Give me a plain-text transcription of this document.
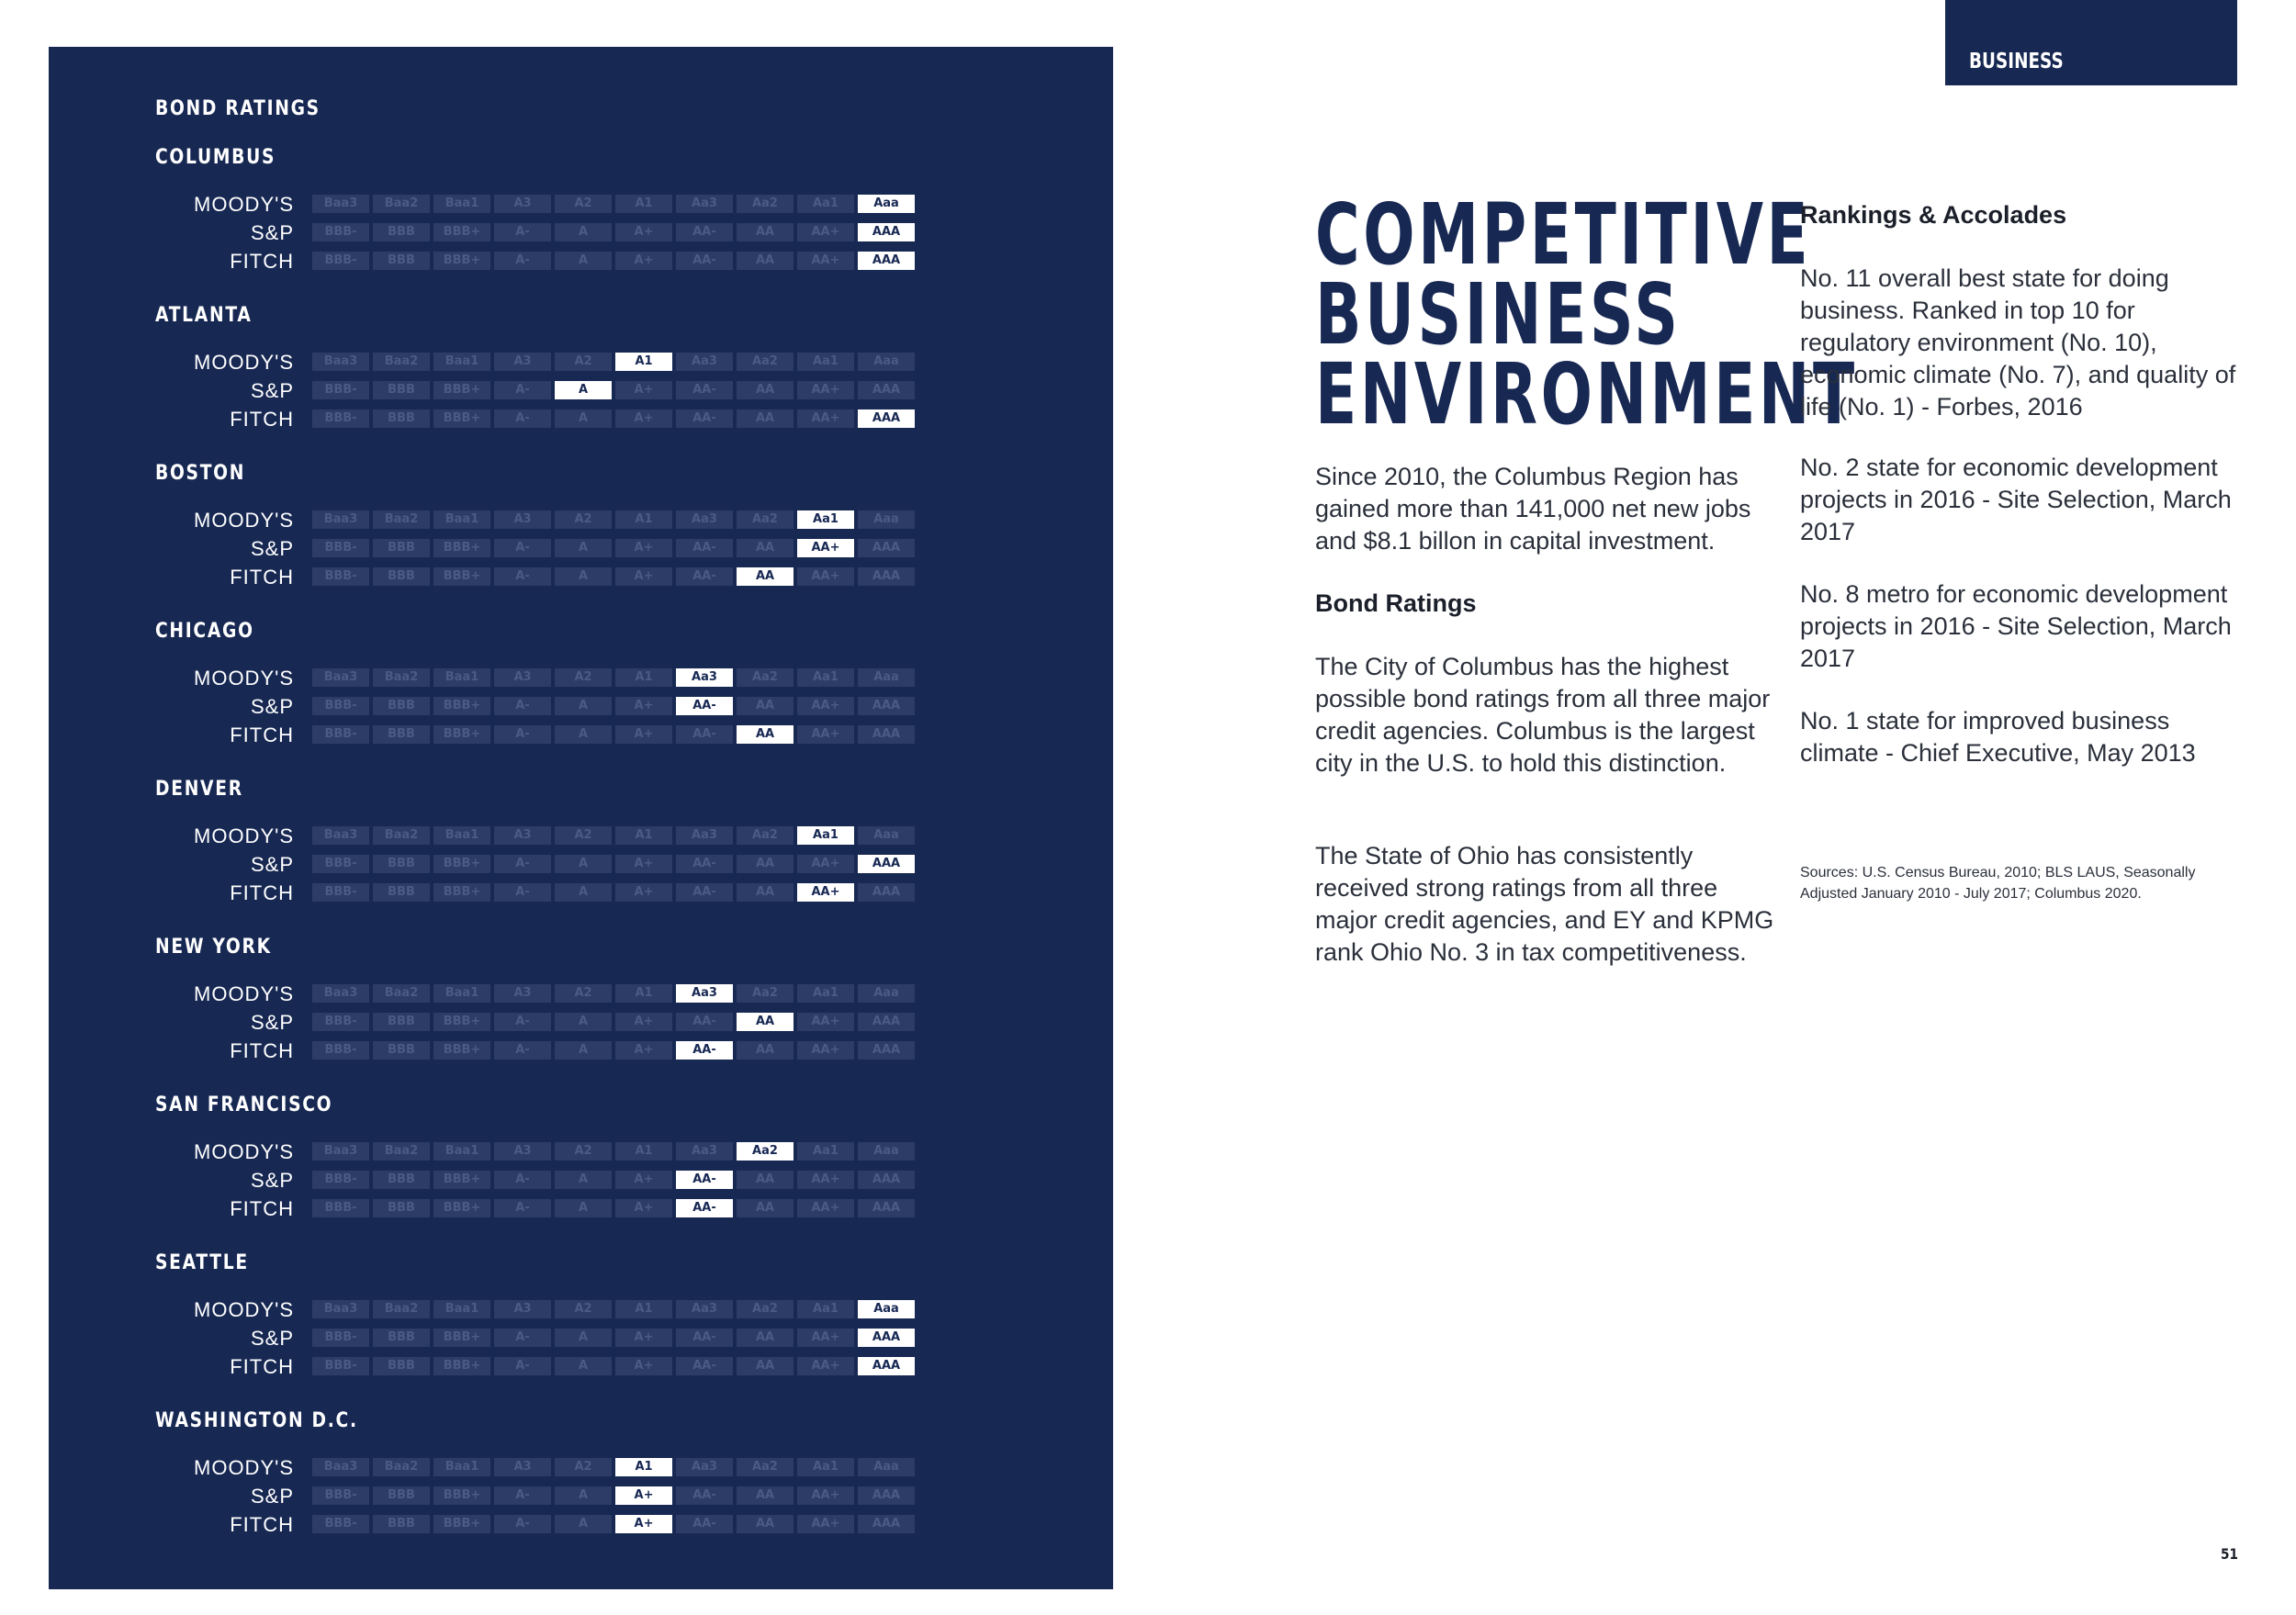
BOND RATINGS
COLUMBUS
MOODY'S	Baa3	Baa2	Baa1	A3	A2	A1	Aa3	Aa2	Aa1	Aaa
S&P	BBB-	BBB	BBB+	A-	A	A+	AA-	AA	AA+	AAA
FITCH	BBB-	BBB	BBB+	A-	A	A+	AA-	AA	AA+	AAA
ATLANTA
MOODY'S	Baa3	Baa2	Baa1	A3	A2	A1	Aa3	Aa2	Aa1	Aaa
S&P	BBB-	BBB	BBB+	A-	A	A+	AA-	AA	AA+	AAA
FITCH	BBB-	BBB	BBB+	A-	A	A+	AA-	AA	AA+	AAA
BOSTON
MOODY'S	Baa3	Baa2	Baa1	A3	A2	A1	Aa3	Aa2	Aa1	Aaa
S&P	BBB-	BBB	BBB+	A-	A	A+	AA-	AA	AA+	AAA
FITCH	BBB-	BBB	BBB+	A-	A	A+	AA-	AA	AA+	AAA
CHICAGO
MOODY'S	Baa3	Baa2	Baa1	A3	A2	A1	Aa3	Aa2	Aa1	Aaa
S&P	BBB-	BBB	BBB+	A-	A	A+	AA-	AA	AA+	AAA
FITCH	BBB-	BBB	BBB+	A-	A	A+	AA-	AA	AA+	AAA
DENVER
MOODY'S	Baa3	Baa2	Baa1	A3	A2	A1	Aa3	Aa2	Aa1	Aaa
S&P	BBB-	BBB	BBB+	A-	A	A+	AA-	AA	AA+	AAA
FITCH	BBB-	BBB	BBB+	A-	A	A+	AA-	AA	AA+	AAA
NEW YORK
MOODY'S	Baa3	Baa2	Baa1	A3	A2	A1	Aa3	Aa2	Aa1	Aaa
S&P	BBB-	BBB	BBB+	A-	A	A+	AA-	AA	AA+	AAA
FITCH	BBB-	BBB	BBB+	A-	A	A+	AA-	AA	AA+	AAA
SAN FRANCISCO
MOODY'S	Baa3	Baa2	Baa1	A3	A2	A1	Aa3	Aa2	Aa1	Aaa
S&P	BBB-	BBB	BBB+	A-	A	A+	AA-	AA	AA+	AAA
FITCH	BBB-	BBB	BBB+	A-	A	A+	AA-	AA	AA+	AAA
SEATTLE
MOODY'S	Baa3	Baa2	Baa1	A3	A2	A1	Aa3	Aa2	Aa1	Aaa
S&P	BBB-	BBB	BBB+	A-	A	A+	AA-	AA	AA+	AAA
FITCH	BBB-	BBB	BBB+	A-	A	A+	AA-	AA	AA+	AAA
WASHINGTON D.C.
MOODY'S	Baa3	Baa2	Baa1	A3	A2	A1	Aa3	Aa2	Aa1	Aaa
S&P	BBB-	BBB	BBB+	A-	A	A+	AA-	AA	AA+	AAA
FITCH	BBB-	BBB	BBB+	A-	A	A+	AA-	AA	AA+	AAA
BUSINESS
COMPETITIVE
BUSINESS
ENVIRONMENT
Since 2010, the Columbus Region has gained more than 141,000 net new jobs and $8.1 billon in capital investment.
Bond Ratings
The City of Columbus has the highest possible bond ratings from all three major credit agencies. Columbus is the largest city in the U.S. to hold this distinction.
The State of Ohio has consistently received strong ratings from all three major credit agencies, and EY and KPMG rank Ohio No. 3 in tax competitiveness.
Rankings & Accolades
No. 11 overall best state for doing business. Ranked in top 10 for regulatory environment (No. 10), economic climate (No. 7), and quality of life (No. 1) - Forbes, 2016
No. 2 state for economic development projects in 2016 - Site Selection, March 2017
No. 8 metro for economic development projects in 2016 - Site Selection, March 2017
No. 1 state for improved business climate - Chief Executive, May 2013
Sources: U.S. Census Bureau, 2010; BLS LAUS, Seasonally Adjusted January 2010 - July 2017; Columbus 2020.
51
